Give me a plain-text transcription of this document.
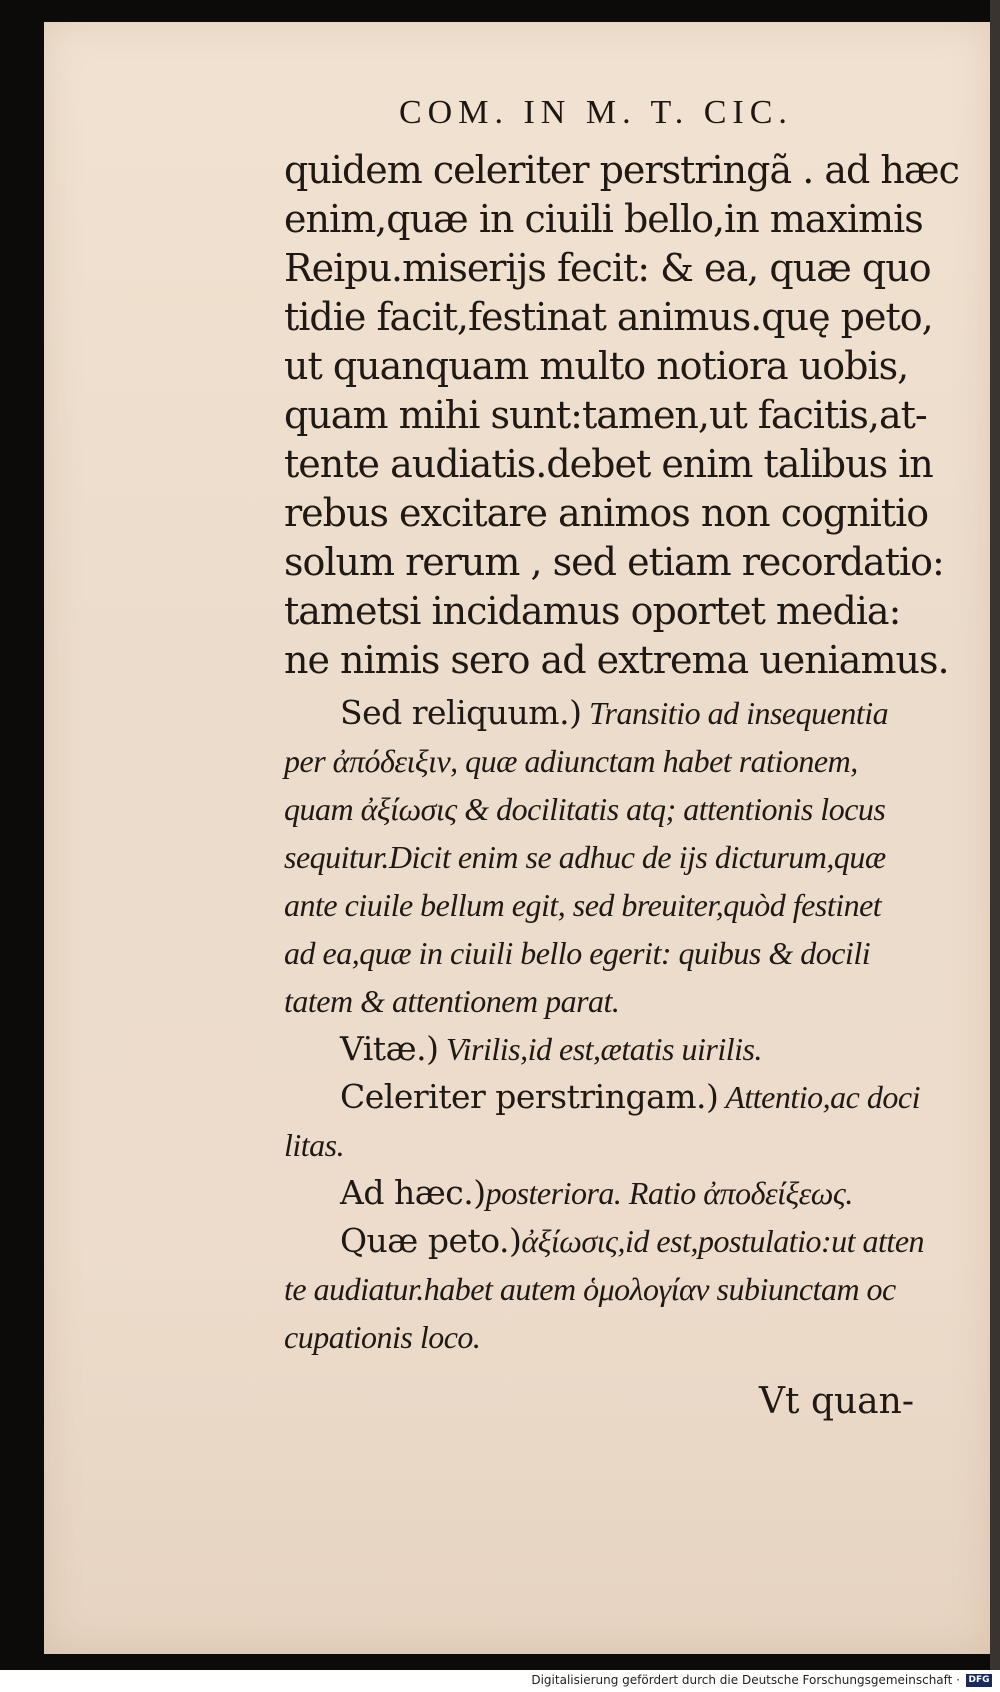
COM. IN M. T. CIC.
quidem celeriter perstringã . ad hæc
enim,quæ in ciuili bello,in maximis
Reipu.miserijs fecit: & ea, quæ quo
tidie facit,festinat animus.quę peto,
ut quanquam multo notiora uobis,
quam mihi sunt:tamen,ut facitis,at-
tente audiatis.debet enim talibus in
rebus excitare animos non cognitio
solum rerum , sed etiam recordatio:
tametsi incidamus oportet media:
ne nimis sero ad extrema ueniamus.
Sed reliquum.) Transitio ad insequentia
per ἀπόδειξιν, quæ adiunctam habet rationem,
quam ἀξίωσις & docilitatis atq; attentionis locus
sequitur.Dicit enim se adhuc de ijs dicturum,quæ
ante ciuile bellum egit, sed breuiter,quòd festinet
ad ea,quæ in ciuili bello egerit: quibus & docili
tatem & attentionem parat.
Vitæ.) Virilis,id est,ætatis uirilis.
Celeriter perstringam.) Attentio,ac doci
litas.
Ad hæc.)posteriora. Ratio ἀποδείξεως.
Quæ peto.)ἀξίωσις,id est,postulatio:ut atten
te audiatur.habet autem ὁμολογίαν subiunctam oc
cupationis loco.
Vt quan-
Digitalisierung gefördert durch die Deutsche Forschungsgemeinschaft · DFG
